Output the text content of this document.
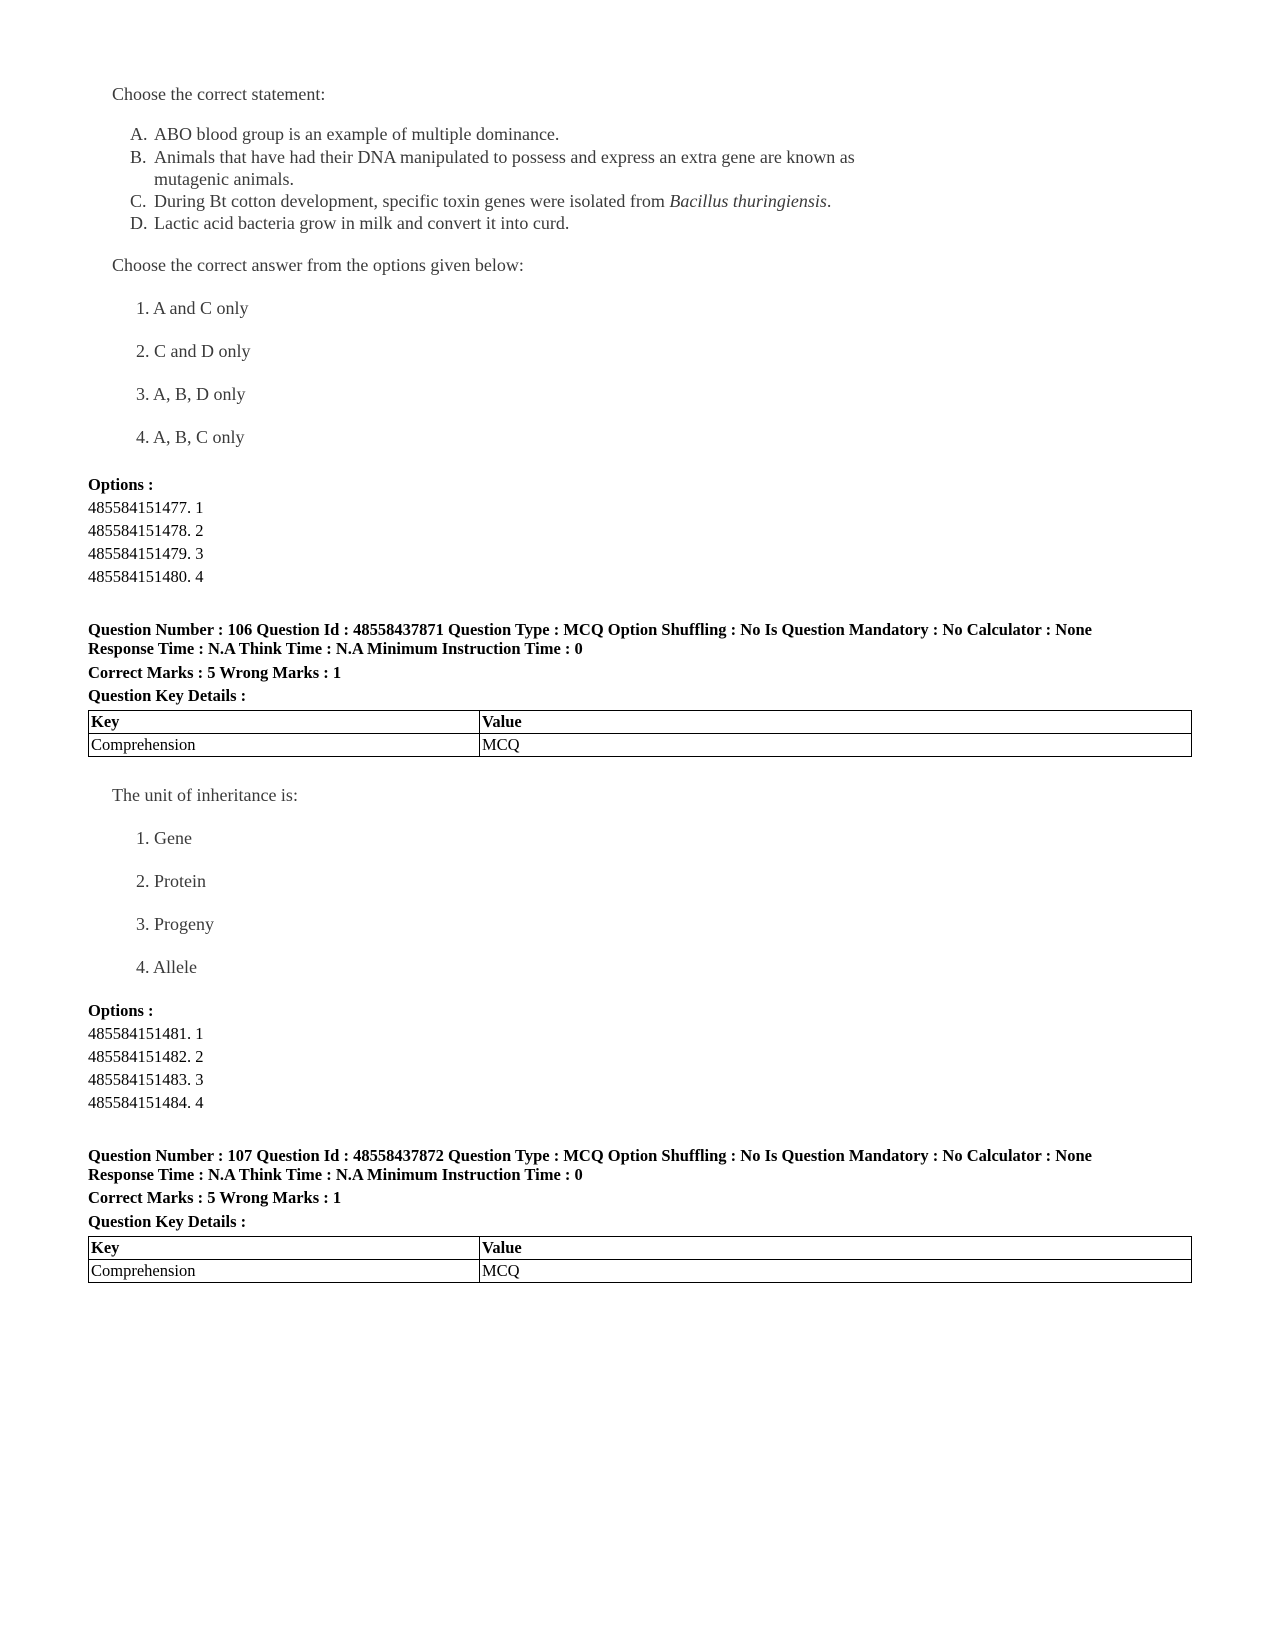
Choose the correct statement:
A. ABO blood group is an example of multiple dominance.
B. Animals that have had their DNA manipulated to possess and express an extra gene are known as
mutagenic animals.
C. During Bt cotton development, specific toxin genes were isolated from Bacillus thuringiensis.
D. Lactic acid bacteria grow in milk and convert it into curd.
Choose the correct answer from the options given below:
1. A and C only
2. C and D only
3. A, B, D only
4. A, B, C only
Options :
485584151477. 1
485584151478. 2
485584151479. 3
485584151480. 4
Question Number : 106 Question Id : 48558437871 Question Type : MCQ Option Shuffling : No Is Question Mandatory : No Calculator : None
Response Time : N.A Think Time : N.A Minimum Instruction Time : 0
Correct Marks : 5 Wrong Marks : 1
Question Key Details :
Key	Value
Comprehension	MCQ
The unit of inheritance is:
1. Gene
2. Protein
3. Progeny
4. Allele
Options :
485584151481. 1
485584151482. 2
485584151483. 3
485584151484. 4
Question Number : 107 Question Id : 48558437872 Question Type : MCQ Option Shuffling : No Is Question Mandatory : No Calculator : None
Response Time : N.A Think Time : N.A Minimum Instruction Time : 0
Correct Marks : 5 Wrong Marks : 1
Question Key Details :
Key	Value
Comprehension	MCQ
